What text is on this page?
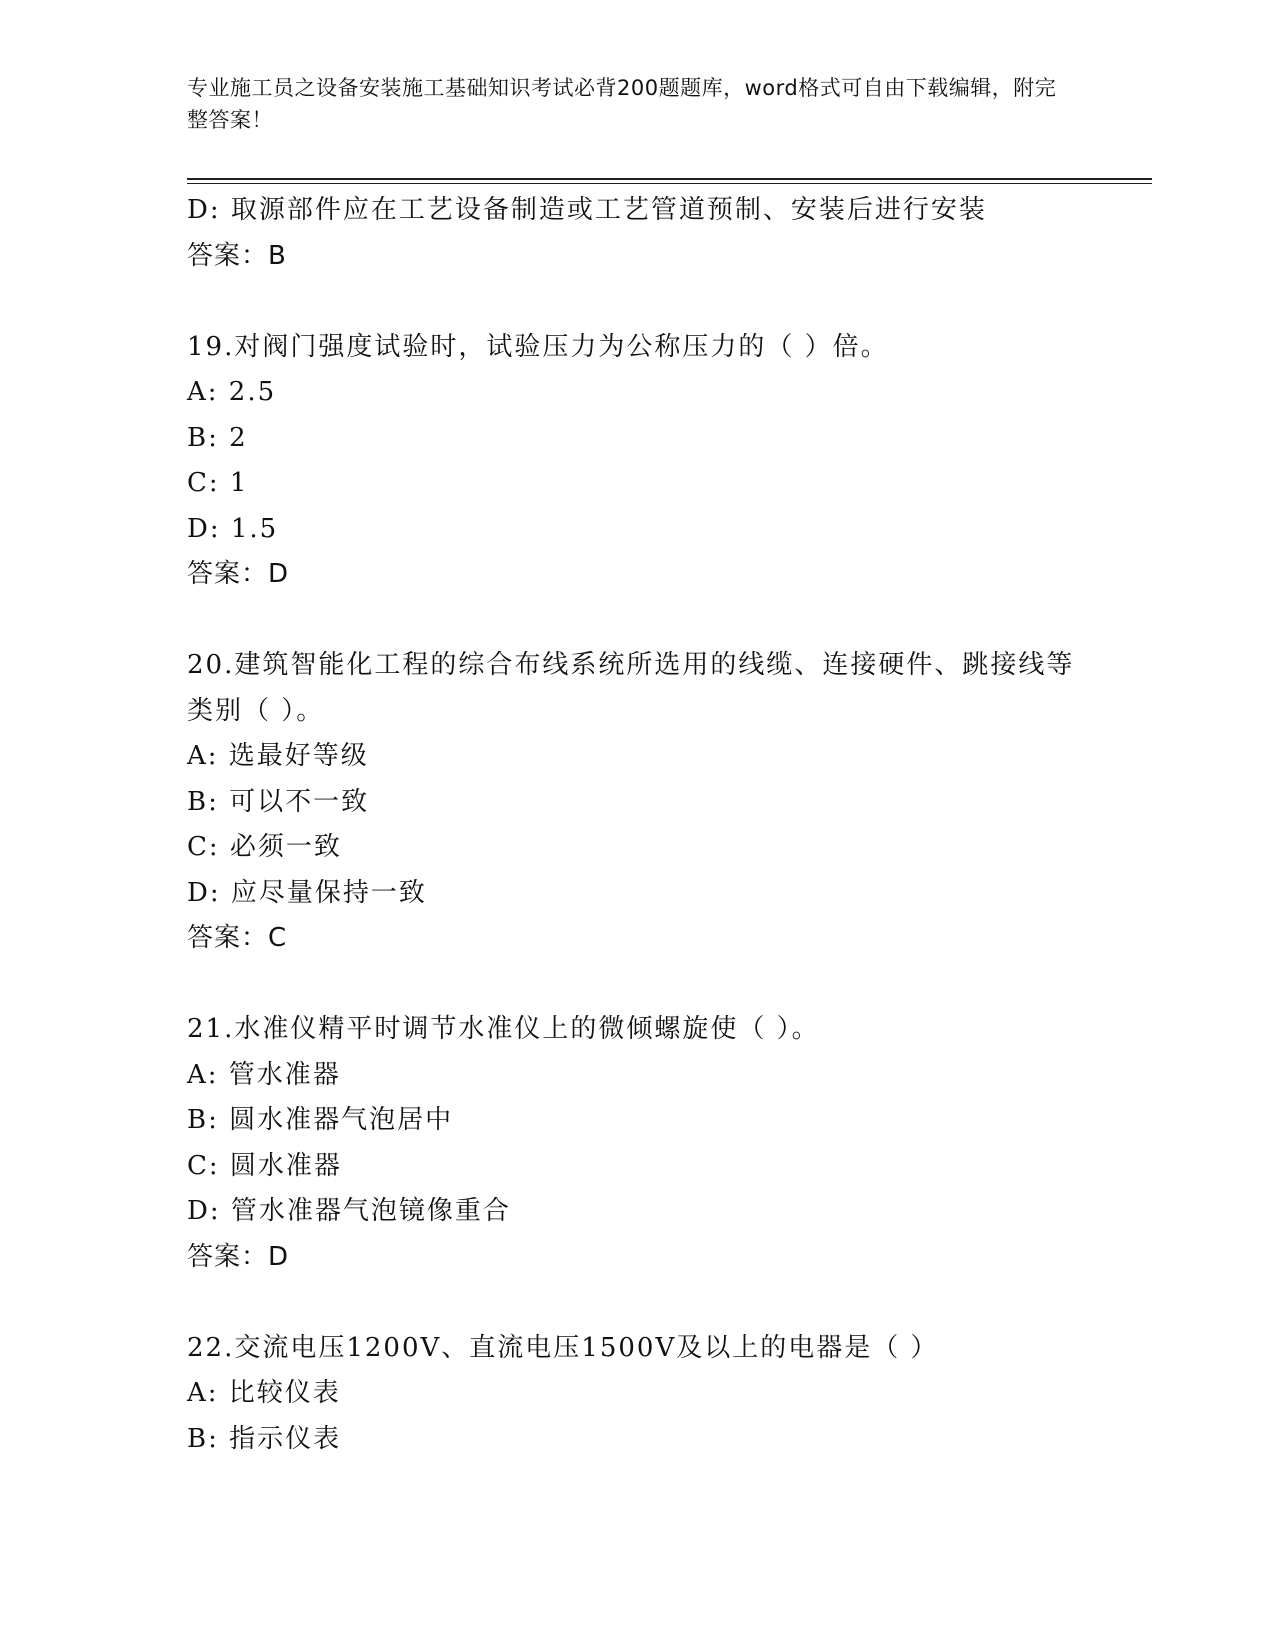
专业施工员之设备安装施工基础知识考试必背200题题库，word格式可自由下载编辑，附完整答案！
D: 取源部件应在工艺设备制造或工艺管道预制、安装后进行安装
答案：B
19.对阀门强度试验时，试验压力为公称压力的（ ）倍。
A: 2.5
B: 2
C: 1
D: 1.5
答案：D
20.建筑智能化工程的综合布线系统所选用的线缆、连接硬件、跳接线等类别（ ）。
A: 选最好等级
B: 可以不一致
C: 必须一致
D: 应尽量保持一致
答案：C
21.水准仪精平时调节水准仪上的微倾螺旋使（ ）。
A: 管水准器
B: 圆水准器气泡居中
C: 圆水准器
D: 管水准器气泡镜像重合
答案：D
22.交流电压1200V、直流电压1500V及以上的电器是（ ）
A: 比较仪表
B: 指示仪表
